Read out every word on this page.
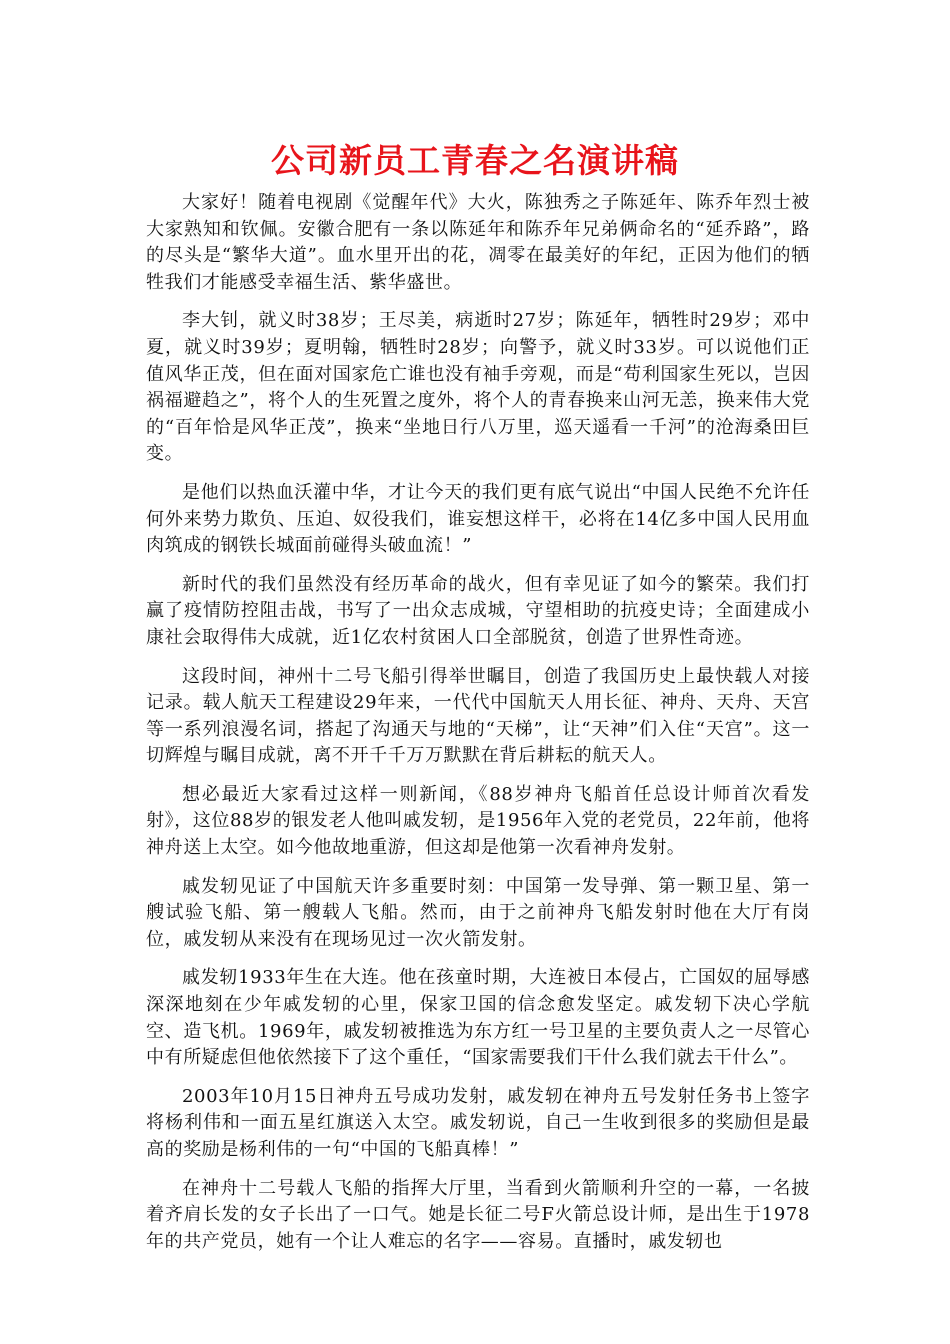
公司新员工青春之名演讲稿

大家好！随着电视剧《觉醒年代》大火，陈独秀之子陈延年、陈乔年烈士被大家熟知和钦佩。安徽合肥有一条以陈延年和陈乔年兄弟俩命名的“延乔路”，路的尽头是“繁华大道”。血水里开出的花，凋零在最美好的年纪，正因为他们的牺牲我们才能感受幸福生活、紫华盛世。

李大钊，就义时38岁；王尽美，病逝时27岁；陈延年，牺牲时29岁；邓中夏，就义时39岁；夏明翰，牺牲时28岁；向警予，就义时33岁。可以说他们正值风华正茂，但在面对国家危亡谁也没有袖手旁观，而是“苟利国家生死以，岂因祸福避趋之”，将个人的生死置之度外，将个人的青春换来山河无恙，换来伟大党的“百年恰是风华正茂”，换来“坐地日行八万里，巡天遥看一千河”的沧海桑田巨变。

是他们以热血沃灌中华，才让今天的我们更有底气说出“中国人民绝不允许任何外来势力欺负、压迫、奴役我们，谁妄想这样干，必将在14亿多中国人民用血肉筑成的钢铁长城面前碰得头破血流！”

新时代的我们虽然没有经历革命的战火，但有幸见证了如今的繁荣。我们打赢了疫情防控阻击战，书写了一出众志成城，守望相助的抗疫史诗；全面建成小康社会取得伟大成就，近1亿农村贫困人口全部脱贫，创造了世界性奇迹。

这段时间，神州十二号飞船引得举世瞩目，创造了我国历史上最快载人对接记录。载人航天工程建设29年来，一代代中国航天人用长征、神舟、天舟、天宫等一系列浪漫名词，搭起了沟通天与地的“天梯”，让“天神”们入住“天宫”。这一切辉煌与瞩目成就，离不开千千万万默默在背后耕耘的航天人。

想必最近大家看过这样一则新闻，《88岁神舟飞船首任总设计师首次看发射》，这位88岁的银发老人他叫戚发轫，是1956年入党的老党员，22年前，他将神舟送上太空。如今他故地重游，但这却是他第一次看神舟发射。

戚发轫见证了中国航天许多重要时刻：中国第一发导弹、第一颗卫星、第一艘试验飞船、第一艘载人飞船。然而，由于之前神舟飞船发射时他在大厅有岗位，戚发轫从来没有在现场见过一次火箭发射。

戚发轫1933年生在大连。他在孩童时期，大连被日本侵占，亡国奴的屈辱感深深地刻在少年戚发轫的心里，保家卫国的信念愈发坚定。戚发轫下决心学航空、造飞机。1969年，戚发轫被推选为东方红一号卫星的主要负责人之一尽管心中有所疑虑但他依然接下了这个重任，“国家需要我们干什么我们就去干什么”。

2003年10月15日神舟五号成功发射，戚发轫在神舟五号发射任务书上签字将杨利伟和一面五星红旗送入太空。戚发轫说，自己一生收到很多的奖励但是最高的奖励是杨利伟的一句“中国的飞船真棒！”

在神舟十二号载人飞船的指挥大厅里，当看到火箭顺利升空的一幕，一名披着齐肩长发的女子长出了一口气。她是长征二号F火箭总设计师，是出生于1978年的共产党员，她有一个让人难忘的名字——容易。直播时，戚发轫也
